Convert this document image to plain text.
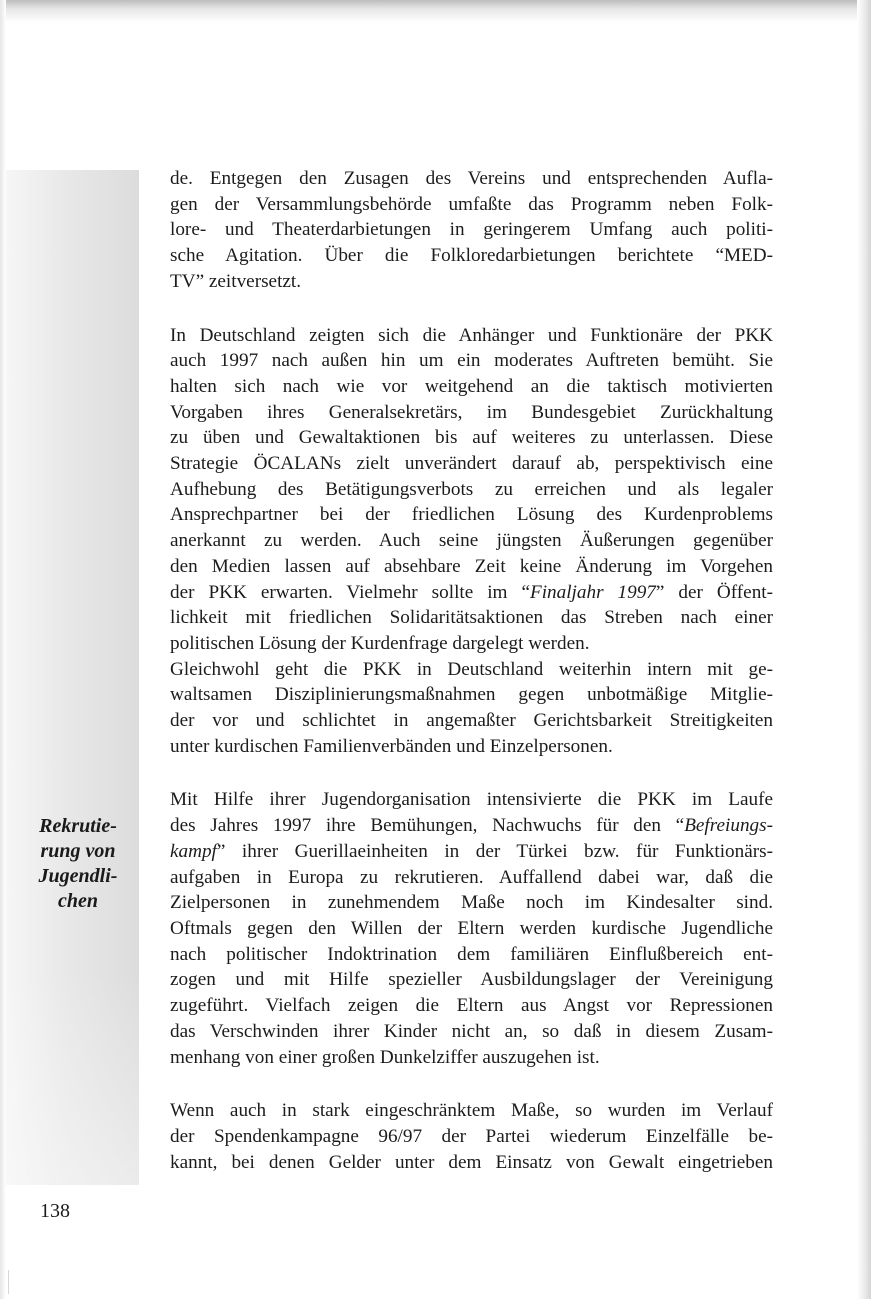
Rekrutie-
rung von
Jugendli-
chen
de. Entgegen den Zusagen des Vereins und entsprechenden Aufla-
gen der Versammlungsbehörde umfaßte das Programm neben Folk-
lore- und Theaterdarbietungen in geringerem Umfang auch politi-
sche Agitation. Über die Folkloredarbietungen berichtete “MED-
TV” zeitversetzt.
In Deutschland zeigten sich die Anhänger und Funktionäre der PKK
auch 1997 nach außen hin um ein moderates Auftreten bemüht. Sie
halten sich nach wie vor weitgehend an die taktisch motivierten
Vorgaben ihres Generalsekretärs, im Bundesgebiet Zurückhaltung
zu üben und Gewaltaktionen bis auf weiteres zu unterlassen. Diese
Strategie ÖCALANs zielt unverändert darauf ab, perspektivisch eine
Aufhebung des Betätigungsverbots zu erreichen und als legaler
Ansprechpartner bei der friedlichen Lösung des Kurdenproblems
anerkannt zu werden. Auch seine jüngsten Äußerungen gegenüber
den Medien lassen auf absehbare Zeit keine Änderung im Vorgehen
der PKK erwarten. Vielmehr sollte im “Finaljahr 1997” der Öffent-
lichkeit mit friedlichen Solidaritätsaktionen das Streben nach einer
politischen Lösung der Kurdenfrage dargelegt werden.
Gleichwohl geht die PKK in Deutschland weiterhin intern mit ge-
waltsamen Disziplinierungsmaßnahmen gegen unbotmäßige Mitglie-
der vor und schlichtet in angemaßter Gerichtsbarkeit Streitigkeiten
unter kurdischen Familienverbänden und Einzelpersonen.
Mit Hilfe ihrer Jugendorganisation intensivierte die PKK im Laufe
des Jahres 1997 ihre Bemühungen, Nachwuchs für den “Befreiungs-
kampf” ihrer Guerillaeinheiten in der Türkei bzw. für Funktionärs-
aufgaben in Europa zu rekrutieren. Auffallend dabei war, daß die
Zielpersonen in zunehmendem Maße noch im Kindesalter sind.
Oftmals gegen den Willen der Eltern werden kurdische Jugendliche
nach politischer Indoktrination dem familiären Einflußbereich ent-
zogen und mit Hilfe spezieller Ausbildungslager der Vereinigung
zugeführt. Vielfach zeigen die Eltern aus Angst vor Repressionen
das Verschwinden ihrer Kinder nicht an, so daß in diesem Zusam-
menhang von einer großen Dunkelziffer auszugehen ist.
Wenn auch in stark eingeschränktem Maße, so wurden im Verlauf
der Spendenkampagne 96/97 der Partei wiederum Einzelfälle be-
kannt, bei denen Gelder unter dem Einsatz von Gewalt eingetrieben
138
